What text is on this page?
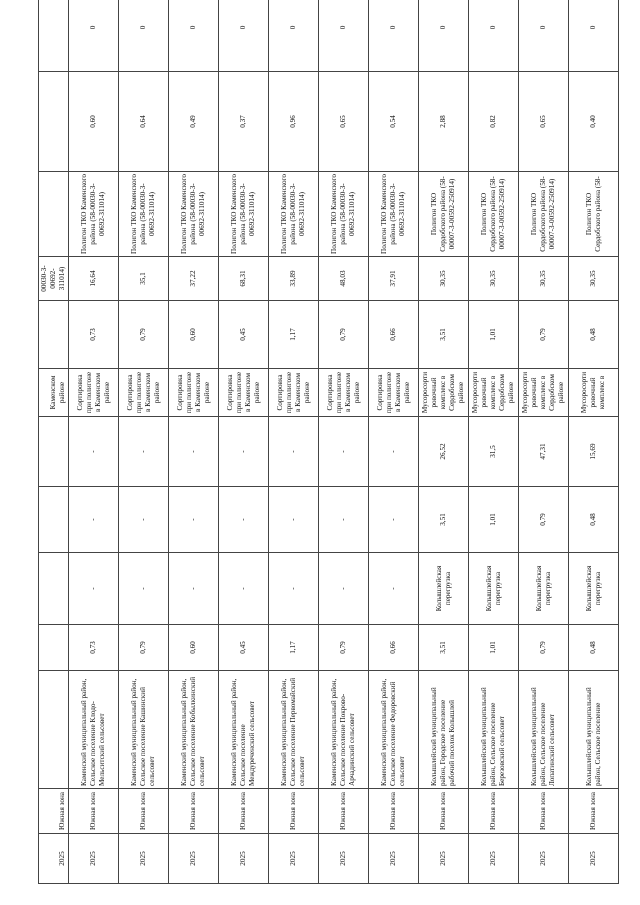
2025	Южная зона						Каменском районе		00030-3-00692-311014)			
2025	Южная зона	Каменский муниципальный район, Сельское поселение Клодо-Мельситский сельсовет	0,73	-	-	-	Сортировка при полигоне в Каменском районе	0,73	16,64	Полигон ТКО Каменского района (58-00030-3-00692-311014)	0,60	0
2025	Южная зона	Каменский муниципальный район, Сельское поселение Кашинский сельсовет	0,79	-	-	-	Сортировка при полигоне в Каменском районе	0,79	35,1	Полигон ТКО Каменского района (58-00030-3-00692-311014)	0,64	0
2025	Южная зона	Каменский муниципальный район, Сельское поселение Кобылкинский сельсовет	0,60	-	-	-	Сортировка при полигоне в Каменском районе	0,60	37,22	Полигон ТКО Каменского района (58-00030-3-00692-311014)	0,49	0
2025	Южная зона	Каменский муниципальный район, Сельское поселение Междуреченский сельсовет	0,45	-	-	-	Сортировка при полигоне в Каменском районе	0,45	68,31	Полигон ТКО Каменского района (58-00030-3-00692-311014)	0,37	0
2025	Южная зона	Каменский муниципальный район, Сельское поселение Первомайский сельсовет	1,17	-	-	-	Сортировка при полигоне в Каменском районе	1,17	33,89	Полигон ТКО Каменского района (58-00030-3-00692-311014)	0,96	0
2025	Южная зона	Каменский муниципальный район, Сельское поселение Покрово-Арчадинский сельсовет	0,79	-	-	-	Сортировка при полигоне в Каменском районе	0,79	48,03	Полигон ТКО Каменского района (58-00030-3-00692-311014)	0,65	0
2025	Южная зона	Каменский муниципальный район, Сельское поселение Федоровский сельсовет	0,66	-	-	-	Сортировка при полигоне в Каменском районе	0,66	37,91	Полигон ТКО Каменского района (58-00030-3-00692-311014)	0,54	0
2025	Южная зона	Колышлейский муниципальный район, Городское поселение рабочий поселок Колышлей	3,51	Колышлейская перегрузка	3,51	26,52	Мусоросортировочный комплекс в Сердобском районе	3,51	30,35	Полигон ТКО Сердобского района (58-00007-3-00592-250914)	2,88	0
2025	Южная зона	Колышлейский муниципальный район, Сельское поселение Березовский сельсовет	1,01	Колышлейская перегрузка	1,01	31,5	Мусоросортировочный комплекс в Сердобском районе	1,01	30,35	Полигон ТКО Сердобского района (58-00007-3-00592-250914)	0,82	0
2025	Южная зона	Колышлейский муниципальный район, Сельское поселение Лопатинский сельсовет	0,79	Колышлейская перегрузка	0,79	47,31	Мусоросортировочный комплекс в Сердобском районе	0,79	30,35	Полигон ТКО Сердобского района (58-00007-3-00592-250914)	0,65	0
2025	Южная зона	Колышлейский муниципальный район, Сельское поселение	0,48	Колышлейская перегрузка	0,48	15,69	Мусоросортировочный комплекс в	0,48	30,35	Полигон ТКО Сердобского района (58-	0,40	0
